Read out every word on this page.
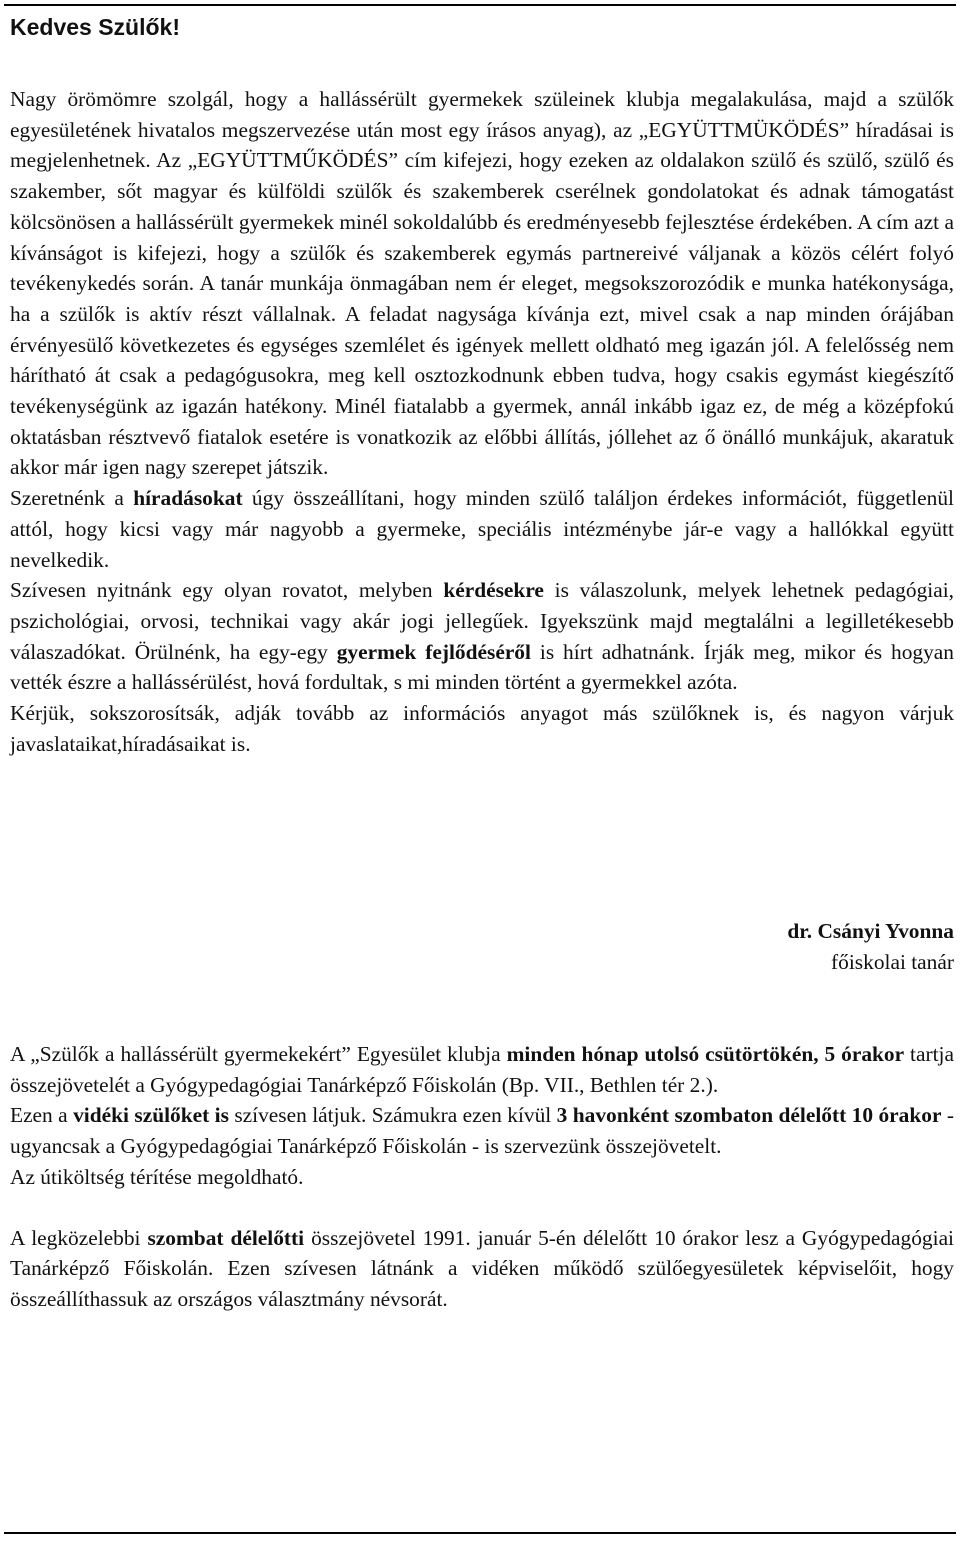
Kedves Szülők!

Nagy örömömre szolgál, hogy a hallássérült gyermekek szüleinek klubja megalakulása, majd a szülők egyesületének hivatalos megszervezése után most egy írásos anyag), az „EGYÜTTMÜKÖDÉS” híradásai is megjelenhetnek. Az „EGYÜTTMŰKÖDÉS” cím kifejezi, hogy ezeken az oldalakon szülő és szülő, szülő és szakember, sőt magyar és külföldi szülők és szakemberek cserélnek gondolatokat és adnak támogatást kölcsönösen a hallássérült gyermekek minél sokoldalúbb és eredményesebb fejlesztése érdekében. A cím azt a kívánságot is kifejezi, hogy a szülők és szakemberek egymás partnereivé váljanak a közös célért folyó tevékenykedés során. A tanár munkája önmagában nem ér eleget, megsokszorozódik e munka hatékonysága, ha a szülők is aktív részt vállalnak. A feladat nagysága kívánja ezt, mivel csak a nap minden órájában érvényesülő következetes és egységes szemlélet és igények mellett oldható meg igazán jól. A felelősség nem hárítható át csak a pedagógusokra, meg kell osztozkodnunk ebben tudva, hogy csakis egymást kiegészítő tevékenységünk az igazán hatékony. Minél fiatalabb a gyermek, annál inkább igaz ez, de még a középfokú oktatásban résztvevő fiatalok esetére is vonatkozik az előbbi állítás, jóllehet az ő önálló munkájuk, akaratuk akkor már igen nagy szerepet játszik.

Szeretnénk a híradásokat úgy összeállítani, hogy minden szülő találjon érdekes információt, függetlenül attól, hogy kicsi vagy már nagyobb a gyermeke, speciális intézménybe jár-e vagy a hallókkal együtt nevelkedik.

Szívesen nyitnánk egy olyan rovatot, melyben kérdésekre is válaszolunk, melyek lehetnek pedagógiai, pszichológiai, orvosi, technikai vagy akár jogi jellegűek. Igyekszünk majd megtalálni a legilletékesebb válaszadókat. Örülnénk, ha egy-egy gyermek fejlődéséről is hírt adhatnánk. Írják meg, mikor és hogyan vették észre a hallássérülést, hová fordultak, s mi minden történt a gyermekkel azóta.

Kérjük, sokszorosítsák, adják tovább az információs anyagot más szülőknek is, és nagyon várjuk javaslataikat,híradásaikat is.

dr. Csányi Yvonna
főiskolai tanár

A „Szülők a hallássérült gyermekekért” Egyesület klubja minden hónap utolsó csütörtökén, 5 órakor tartja összejövetelét a Gyógypedagógiai Tanárképző Főiskolán (Bp. VII., Bethlen tér 2.).

Ezen a vidéki szülőket is szívesen látjuk. Számukra ezen kívül 3 havonként szombaton délelőtt 10 órakor - ugyancsak a Gyógypedagógiai Tanárképző Főiskolán - is szervezünk összejövetelt.

Az útiköltség térítése megoldható.

A legközelebbi szombat délelőtti összejövetel 1991. január 5-én délelőtt 10 órakor lesz a Gyógypedagógiai Tanárképző Főiskolán. Ezen szívesen látnánk a vidéken működő szülőegyesületek képviselőit, hogy összeállíthassuk az országos választmány névsorát.
